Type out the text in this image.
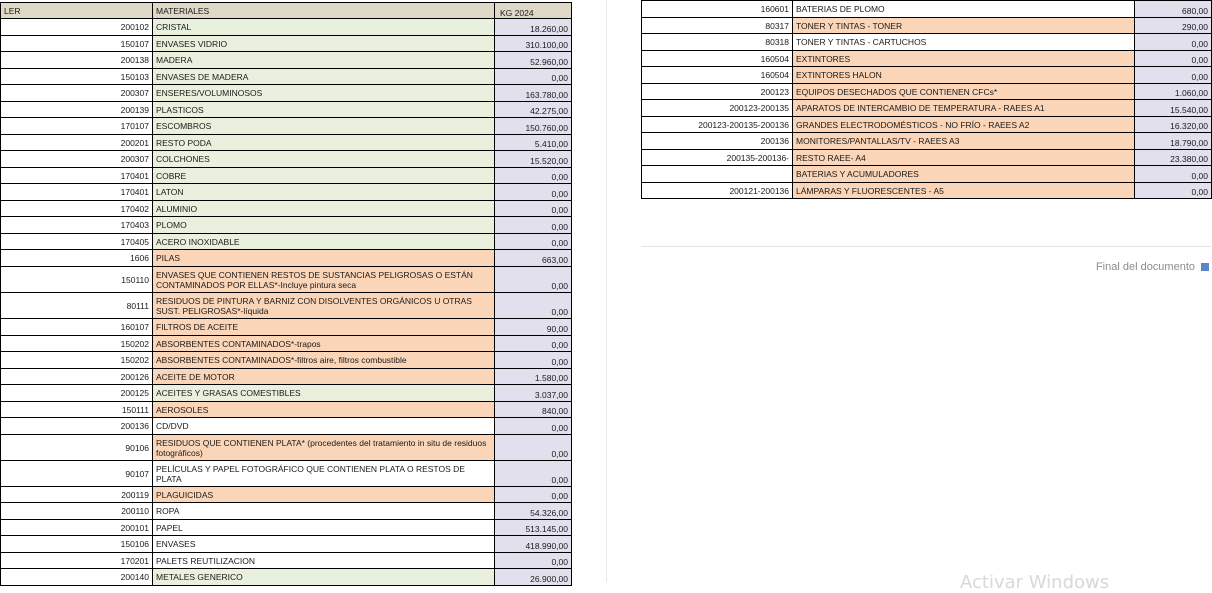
LER	MATERIALES	KG 2024
200102	CRISTAL	18.260,00
150107	ENVASES VIDRIO	310.100,00
200138	MADERA	52.960,00
150103	ENVASES DE MADERA	0,00
200307	ENSERES/VOLUMINOSOS	163.780,00
200139	PLASTICOS	42.275,00
170107	ESCOMBROS	150.760,00
200201	RESTO PODA	5.410,00
200307	COLCHONES	15.520,00
170401	COBRE	0,00
170401	LATON	0,00
170402	ALUMINIO	0,00
170403	PLOMO	0,00
170405	ACERO INOXIDABLE	0,00
1606	PILAS	663,00
150110	ENVASES QUE CONTIENEN RESTOS DE SUSTANCIAS PELIGROSAS O ESTÁN CONTAMINADOS POR ELLAS*-Incluye pintura seca	0,00
80111	RESIDUOS DE PINTURA Y BARNIZ CON DISOLVENTES ORGÁNICOS U OTRAS SUST. PELIGROSAS*-líquida	0,00
160107	FILTROS DE ACEITE	90,00
150202	ABSORBENTES CONTAMINADOS*-trapos	0,00
150202	ABSORBENTES CONTAMINADOS*-filtros aire, filtros combustible	0,00
200126	ACEITE DE MOTOR	1.580,00
200125	ACEITES Y GRASAS COMESTIBLES	3.037,00
150111	AEROSOLES	840,00
200136	CD/DVD	0,00
90106	RESIDUOS QUE CONTIENEN PLATA* (procedentes del tratamiento in situ de residuos fotográficos)	0,00
90107	PELÍCULAS Y PAPEL FOTOGRÁFICO QUE CONTIENEN PLATA O RESTOS DE PLATA	0,00
200119	PLAGUICIDAS	0,00
200110	ROPA	54.326,00
200101	PAPEL	513.145,00
150106	ENVASES	418.990,00
170201	PALETS REUTILIZACION	0,00
200140	METALES GENERICO	26.900,00
160601	BATERIAS DE PLOMO	680,00
80317	TONER Y TINTAS - TONER	290,00
80318	TONER Y TINTAS - CARTUCHOS	0,00
160504	EXTINTORES	0,00
160504	EXTINTORES HALON	0,00
200123	EQUIPOS DESECHADOS QUE CONTIENEN CFCs*	1.060,00
200123-200135	APARATOS DE INTERCAMBIO DE TEMPERATURA - RAEES A1	15.540,00
200123-200135-200136	GRANDES ELECTRODOMÉSTICOS - NO FRÍO - RAEES A2	16.320,00
200136	MONITORES/PANTALLAS/TV - RAEES A3	18.790,00
200135-200136-	RESTO RAEE- A4	23.380,00
	BATERIAS Y ACUMULADORES	0,00
200121-200136	LÁMPARAS Y FLUORESCENTES - A5	0,00
Final del documento
Activar Windows
